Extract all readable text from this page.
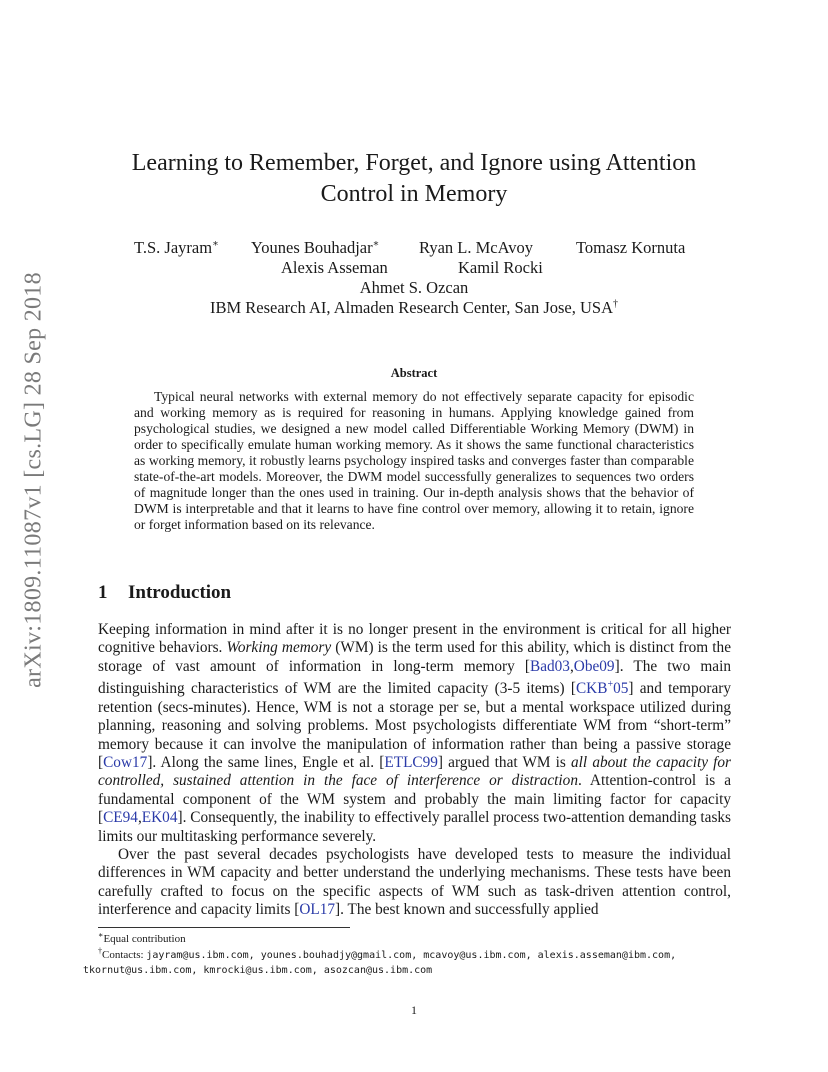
arXiv:1809.11087v1 [cs.LG] 28 Sep 2018
Learning to Remember, Forget, and Ignore using Attention
Control in Memory
T.S. Jayram∗ Younes Bouhadjar∗ Ryan L. McAvoy	Tomasz Kornuta
Alexis Asseman	Kamil Rocki
Ahmet S. Ozcan
IBM Research AI, Almaden Research Center, San Jose, USA†
Abstract
Typical neural networks with external memory do not effectively separate capacity for episodic and working memory as is required for reasoning in humans. Applying knowledge gained from psychological studies, we designed a new model called Differentiable Working Memory (DWM) in order to specifically emulate human working memory. As it shows the same functional characteristics as working memory, it robustly learns psychology inspired tasks and converges faster than comparable state-of-the-art models. Moreover, the DWM model successfully generalizes to sequences two orders of magnitude longer than the ones used in training. Our in-depth analysis shows that the behavior of DWM is interpretable and that it learns to have fine control over memory, allowing it to retain, ignore or forget information based on its relevance.
1 Introduction
Keeping information in mind after it is no longer present in the environment is critical for all higher cognitive behaviors. Working memory (WM) is the term used for this ability, which is distinct from the storage of vast amount of information in long-term memory [Bad03,Obe09]. The two main distinguishing characteristics of WM are the limited capacity (3-5 items) [CKB+05] and temporary retention (secs-minutes). Hence, WM is not a storage per se, but a mental workspace utilized during planning, reasoning and solving problems. Most psychologists differentiate WM from “short-term” memory because it can involve the manipulation of information rather than being a passive storage [Cow17]. Along the same lines, Engle et al. [ETLC99] argued that WM is all about the capacity for controlled, sustained attention in the face of interference or distraction. Attention-control is a fundamental component of the WM system and probably the main limiting factor for capacity [CE94,EK04]. Consequently, the inability to effectively parallel process two-attention demanding tasks limits our multitasking performance severely.
Over the past several decades psychologists have developed tests to measure the individual differences in WM capacity and better understand the underlying mechanisms. These tests have been carefully crafted to focus on the specific aspects of WM such as task-driven attention control, interference and capacity limits [OL17]. The best known and successfully applied
∗Equal contribution
†Contacts: jayram@us.ibm.com, younes.bouhadjy@gmail.com, mcavoy@us.ibm.com, alexis.asseman@ibm.com, tkornut@us.ibm.com, kmrocki@us.ibm.com, asozcan@us.ibm.com
1
